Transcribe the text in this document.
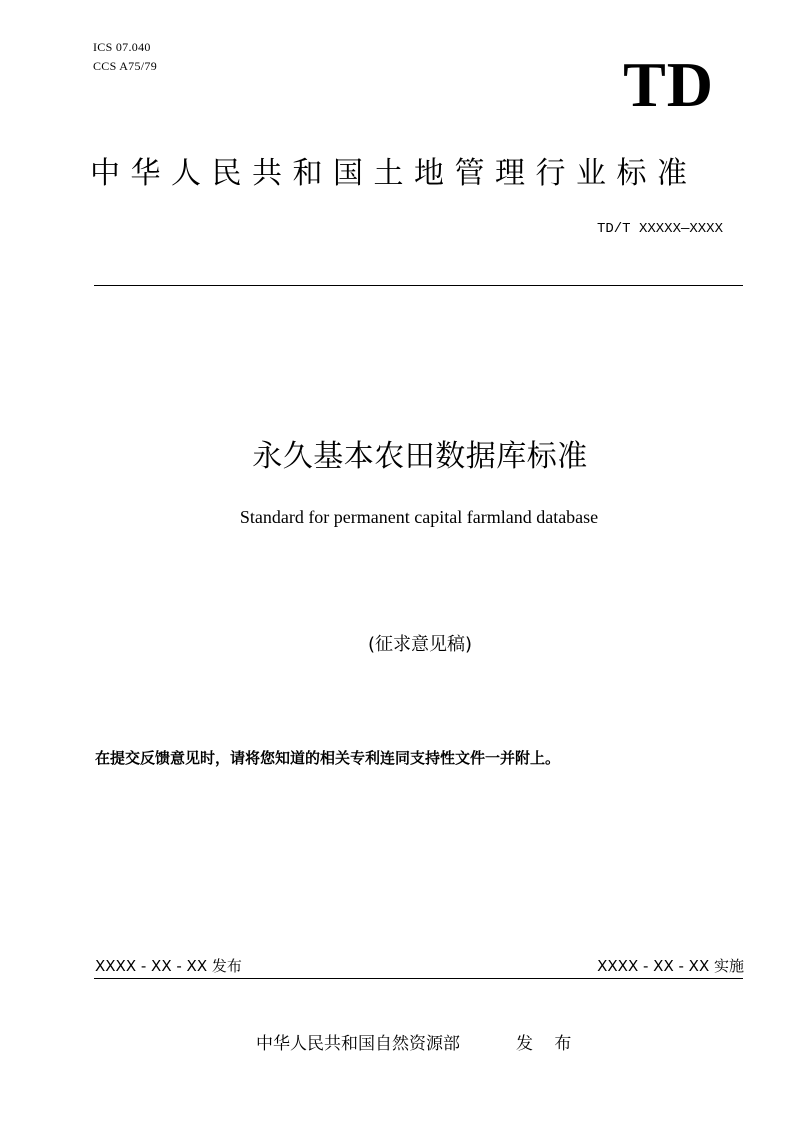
ICS 07.040
CCS A75/79	TD
中华人民共和国土地管理行业标准
TD/T XXXXX—XXXX
永久基本农田数据库标准
Standard for permanent capital farmland database
(征求意见稿)
在提交反馈意见时，请将您知道的相关专利连同支持性文件一并附上。
XXXX - XX - XX 发布	XXXX - XX - XX 实施
中华人民共和国自然资源部	发 布
